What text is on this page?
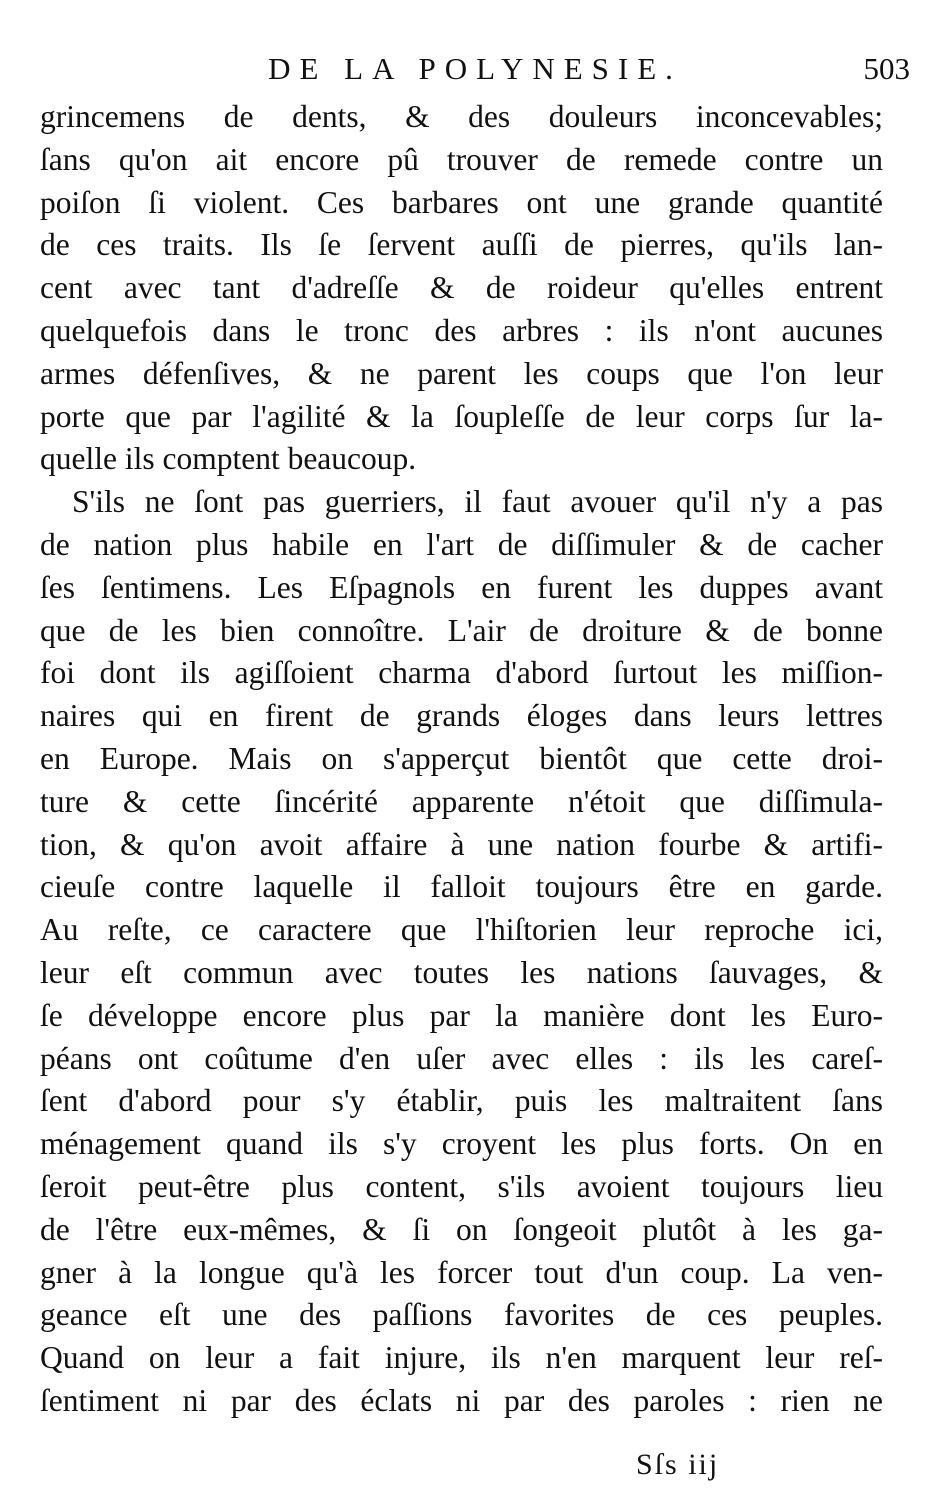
DE LA POLYNESIE.	503
grincemens de dents, & des douleurs inconcevables;
ſans qu'on ait encore pû trouver de remede contre un
poiſon ſi violent. Ces barbares ont une grande quantité
de ces traits. Ils ſe ſervent auſſi de pierres, qu'ils lan-
cent avec tant d'adreſſe & de roideur qu'elles entrent
quelquefois dans le tronc des arbres : ils n'ont aucunes
armes défenſives, & ne parent les coups que l'on leur
porte que par l'agilité & la ſoupleſſe de leur corps ſur la-
quelle ils comptent beaucoup.
S'ils ne ſont pas guerriers, il faut avouer qu'il n'y a pas
de nation plus habile en l'art de diſſimuler & de cacher
ſes ſentimens. Les Eſpagnols en furent les duppes avant
que de les bien connoître. L'air de droiture & de bonne
foi dont ils agiſſoient charma d'abord ſurtout les miſſion-
naires qui en firent de grands éloges dans leurs lettres
en Europe. Mais on s'apperçut bientôt que cette droi-
ture & cette ſincérité apparente n'étoit que diſſimula-
tion, & qu'on avoit affaire à une nation fourbe & artifi-
cieuſe contre laquelle il falloit toujours être en garde.
Au reſte, ce caractere que l'hiſtorien leur reproche ici,
leur eſt commun avec toutes les nations ſauvages, &
ſe développe encore plus par la manière dont les Euro-
péans ont coûtume d'en uſer avec elles : ils les careſ-
ſent d'abord pour s'y établir, puis les maltraitent ſans
ménagement quand ils s'y croyent les plus forts. On en
ſeroit peut-être plus content, s'ils avoient toujours lieu
de l'être eux-mêmes, & ſi on ſongeoit plutôt à les ga-
gner à la longue qu'à les forcer tout d'un coup. La ven-
geance eſt une des paſſions favorites de ces peuples.
Quand on leur a fait injure, ils n'en marquent leur reſ-
ſentiment ni par des éclats ni par des paroles : rien ne
Sſs iij
